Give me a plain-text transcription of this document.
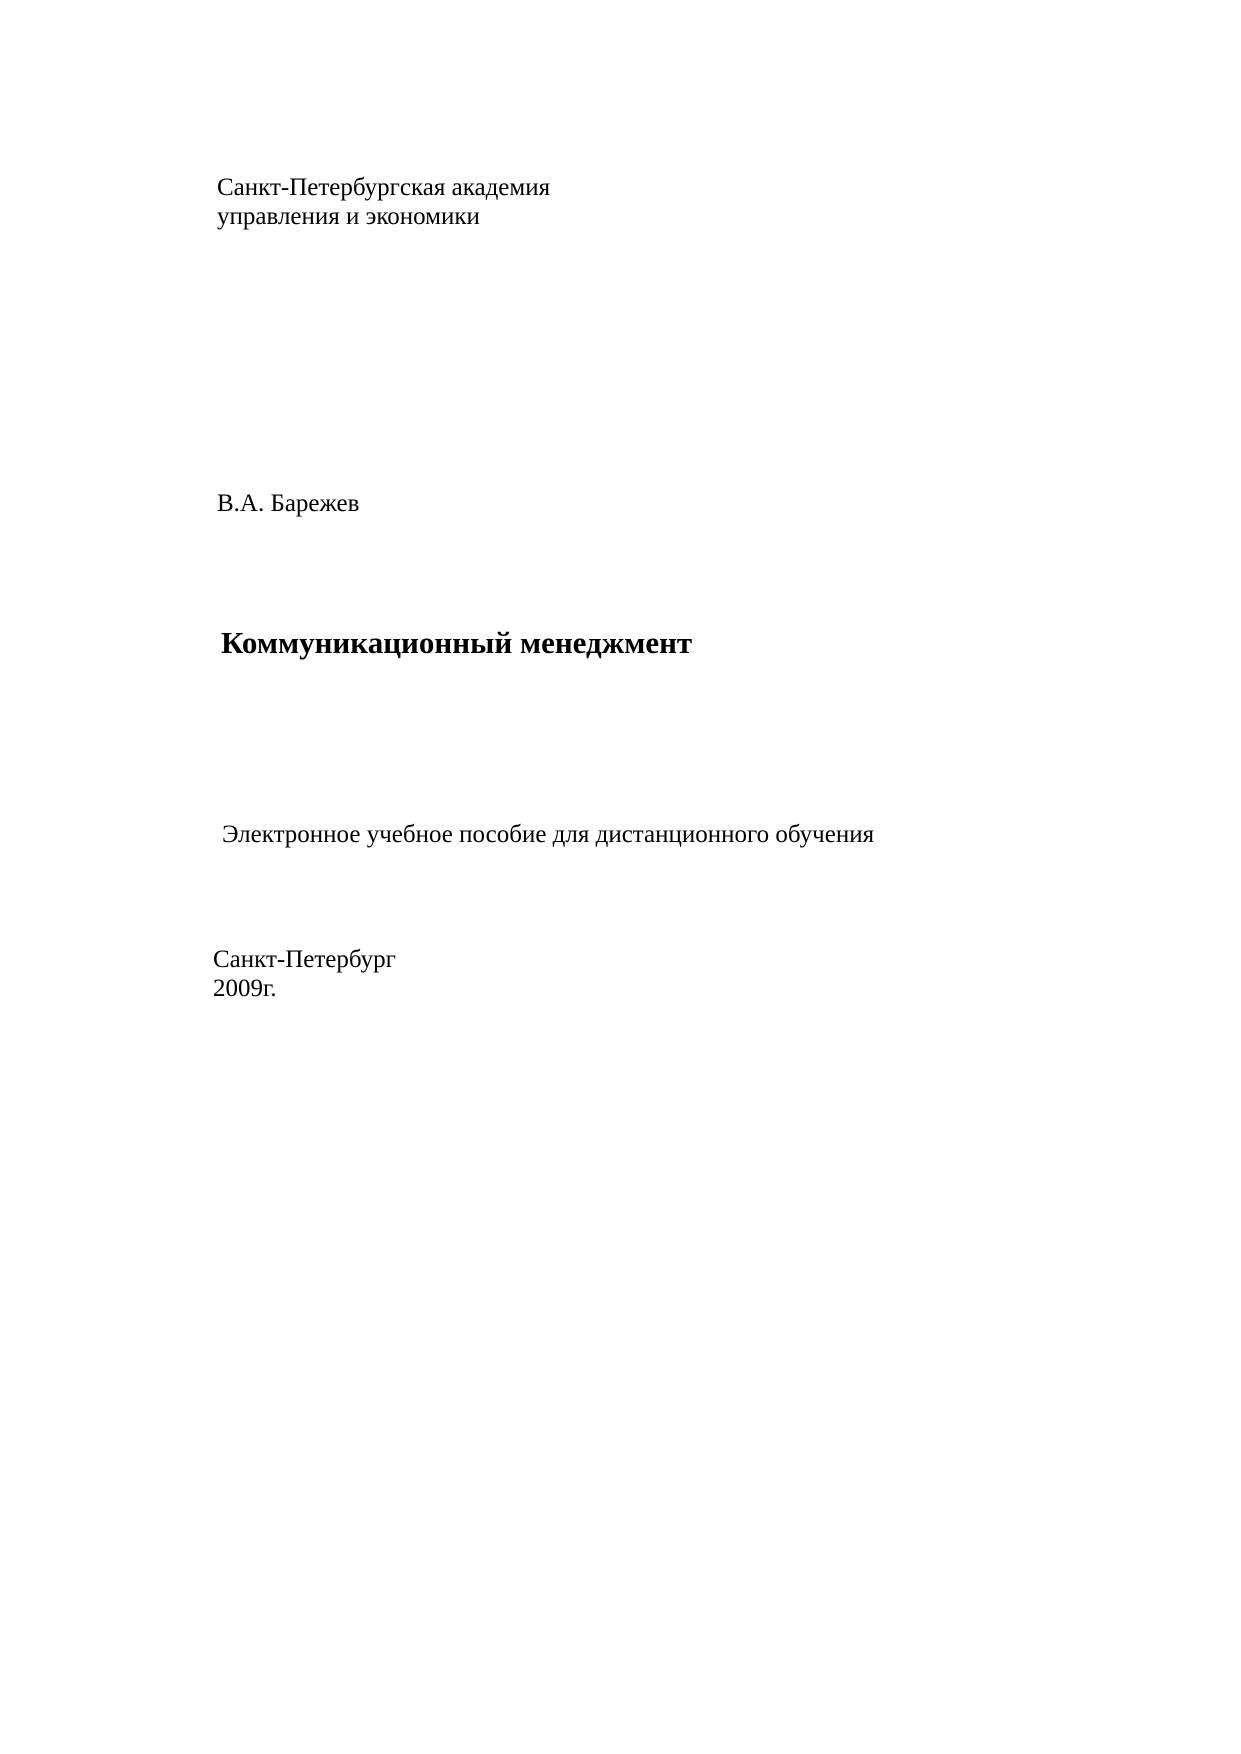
Санкт-Петербургская академия
управления и экономики
В.А. Барежев
Коммуникационный менеджмент
Электронное учебное пособие для дистанционного обучения
Санкт-Петербург
2009г.
